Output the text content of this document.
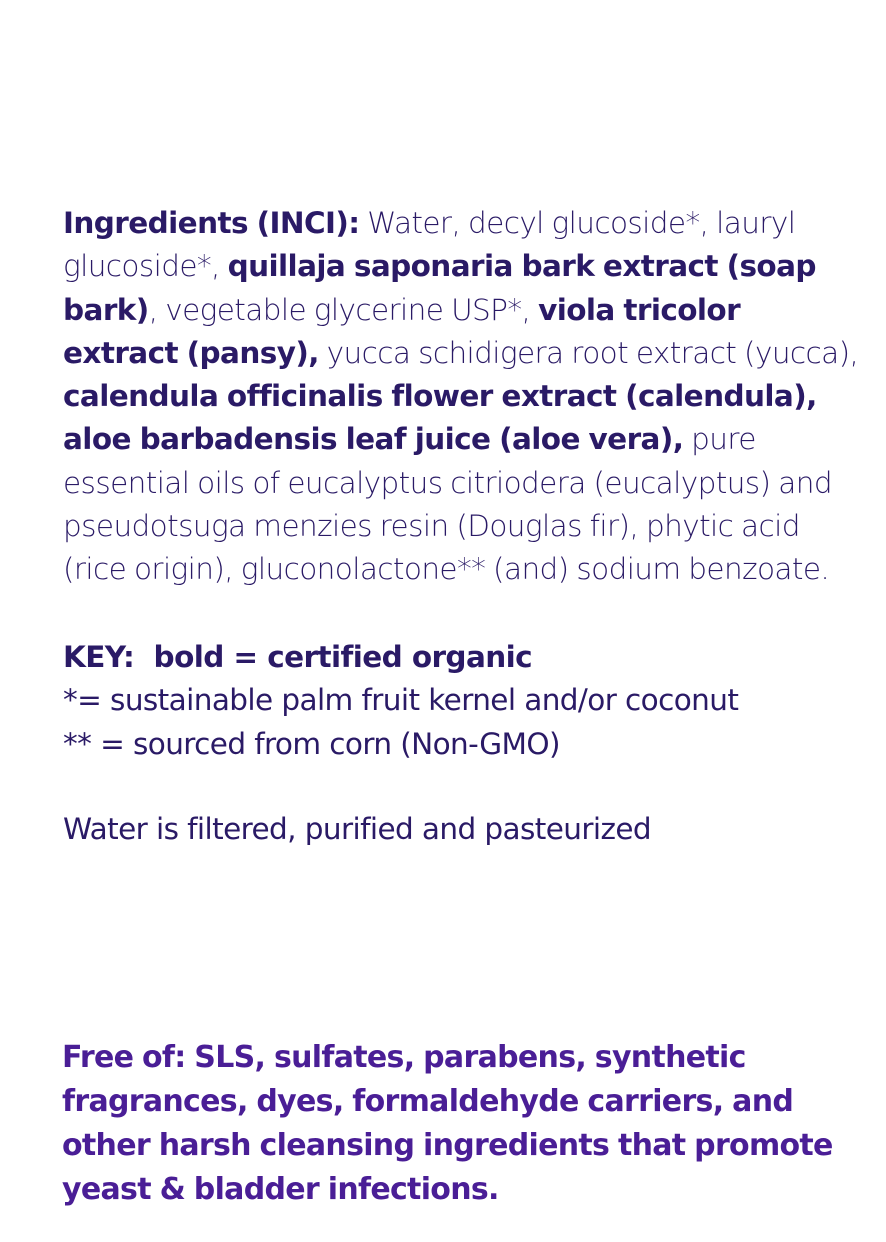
Ingredients (INCI): Water, decyl glucoside*, lauryl glucoside*, quillaja saponaria bark extract (soap bark), vegetable glycerine USP*, viola tricolor extract (pansy), yucca schidigera root extract (yucca), calendula officinalis flower extract (calendula), aloe barbadensis leaf juice (aloe vera), pure essential oils of eucalyptus citriodera (eucalyptus) and pseudotsuga menzies resin (Douglas fir), phytic acid (rice origin), gluconolactone** (and) sodium benzoate.

KEY:  bold = certified organic
*= sustainable palm fruit kernel and/or coconut
** = sourced from corn (Non-GMO)

Water is filtered, purified and pasteurized

Free of: SLS, sulfates, parabens, synthetic fragrances, dyes, formaldehyde carriers, and other harsh cleansing ingredients that promote yeast & bladder infections.
